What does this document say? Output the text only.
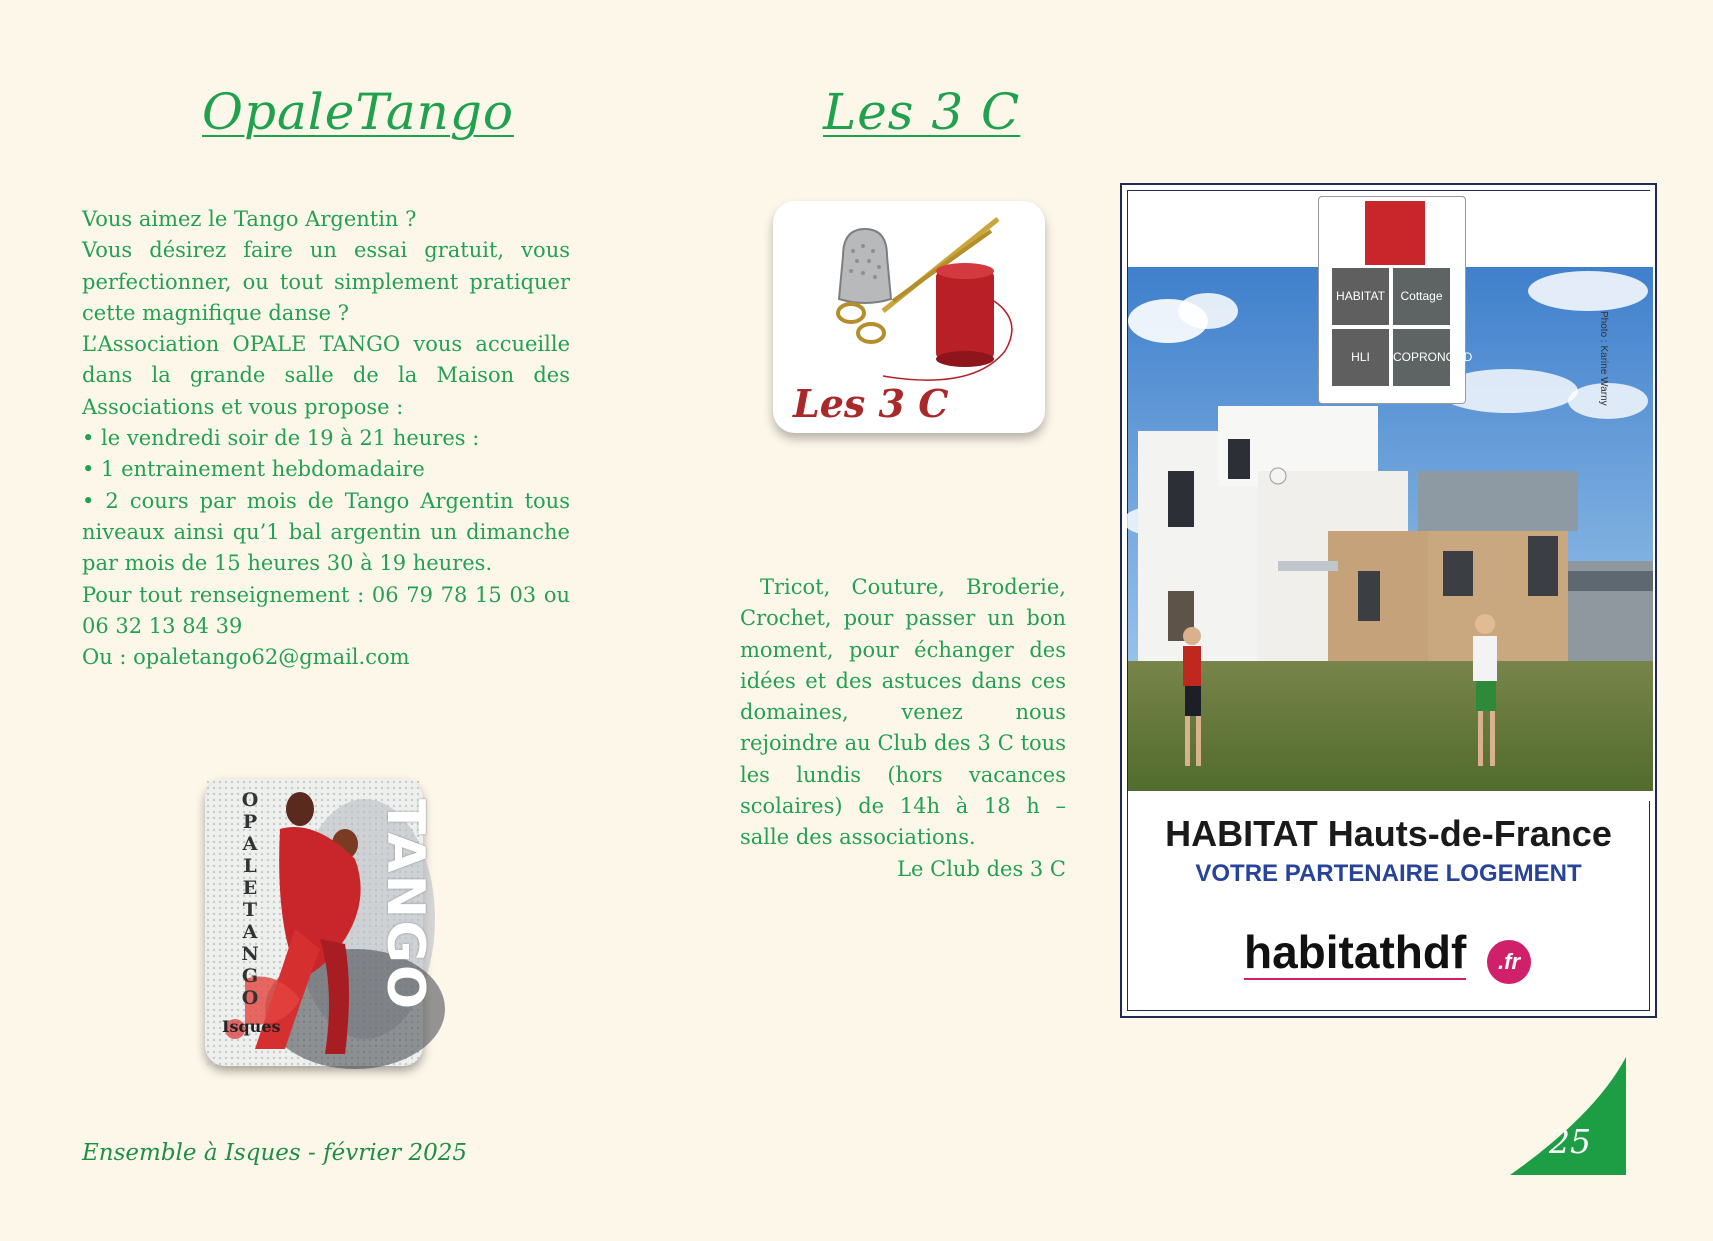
OpaleTango	Les 3 C

Vous aimez le Tango Argentin ?

Vous désirez faire un essai gratuit, vous perfectionner, ou tout simplement pratiquer cette magnifique danse ?

L’Association OPALE TANGO vous accueille dans la grande salle de la Maison des Associations et vous propose :

• le vendredi soir de 19 à 21 heures :

• 1 entrainement hebdomadaire

• 2 cours par mois de Tango Argentin tous niveaux ainsi qu’1 bal argentin un dimanche par mois de 15 heures 30 à 19 heures.

Pour tout renseignement : 06 79 78 15 03 ou 06 32 13 84 39

Ou : opaletango62@gmail.com

Les 3 C

Tricot, Couture, Broderie, Crochet, pour passer un bon moment, pour échanger des idées et des astuces dans ces domaines, venez nous rejoindre au Club des 3 C tous les lundis (hors vacances scolaires) de 14h à 18 h – salle des associations.

Le Club des 3 C

OPALE TANGO TANGO
Isques
HABITAT	Cottage
HLI	COPRONORD	Photo : Karine Warny
HABITAT Hauts-de-France
VOTRE PARTENAIRE LOGEMENT
habitathdf	.fr
Ensemble à Isques - février 2025	25
